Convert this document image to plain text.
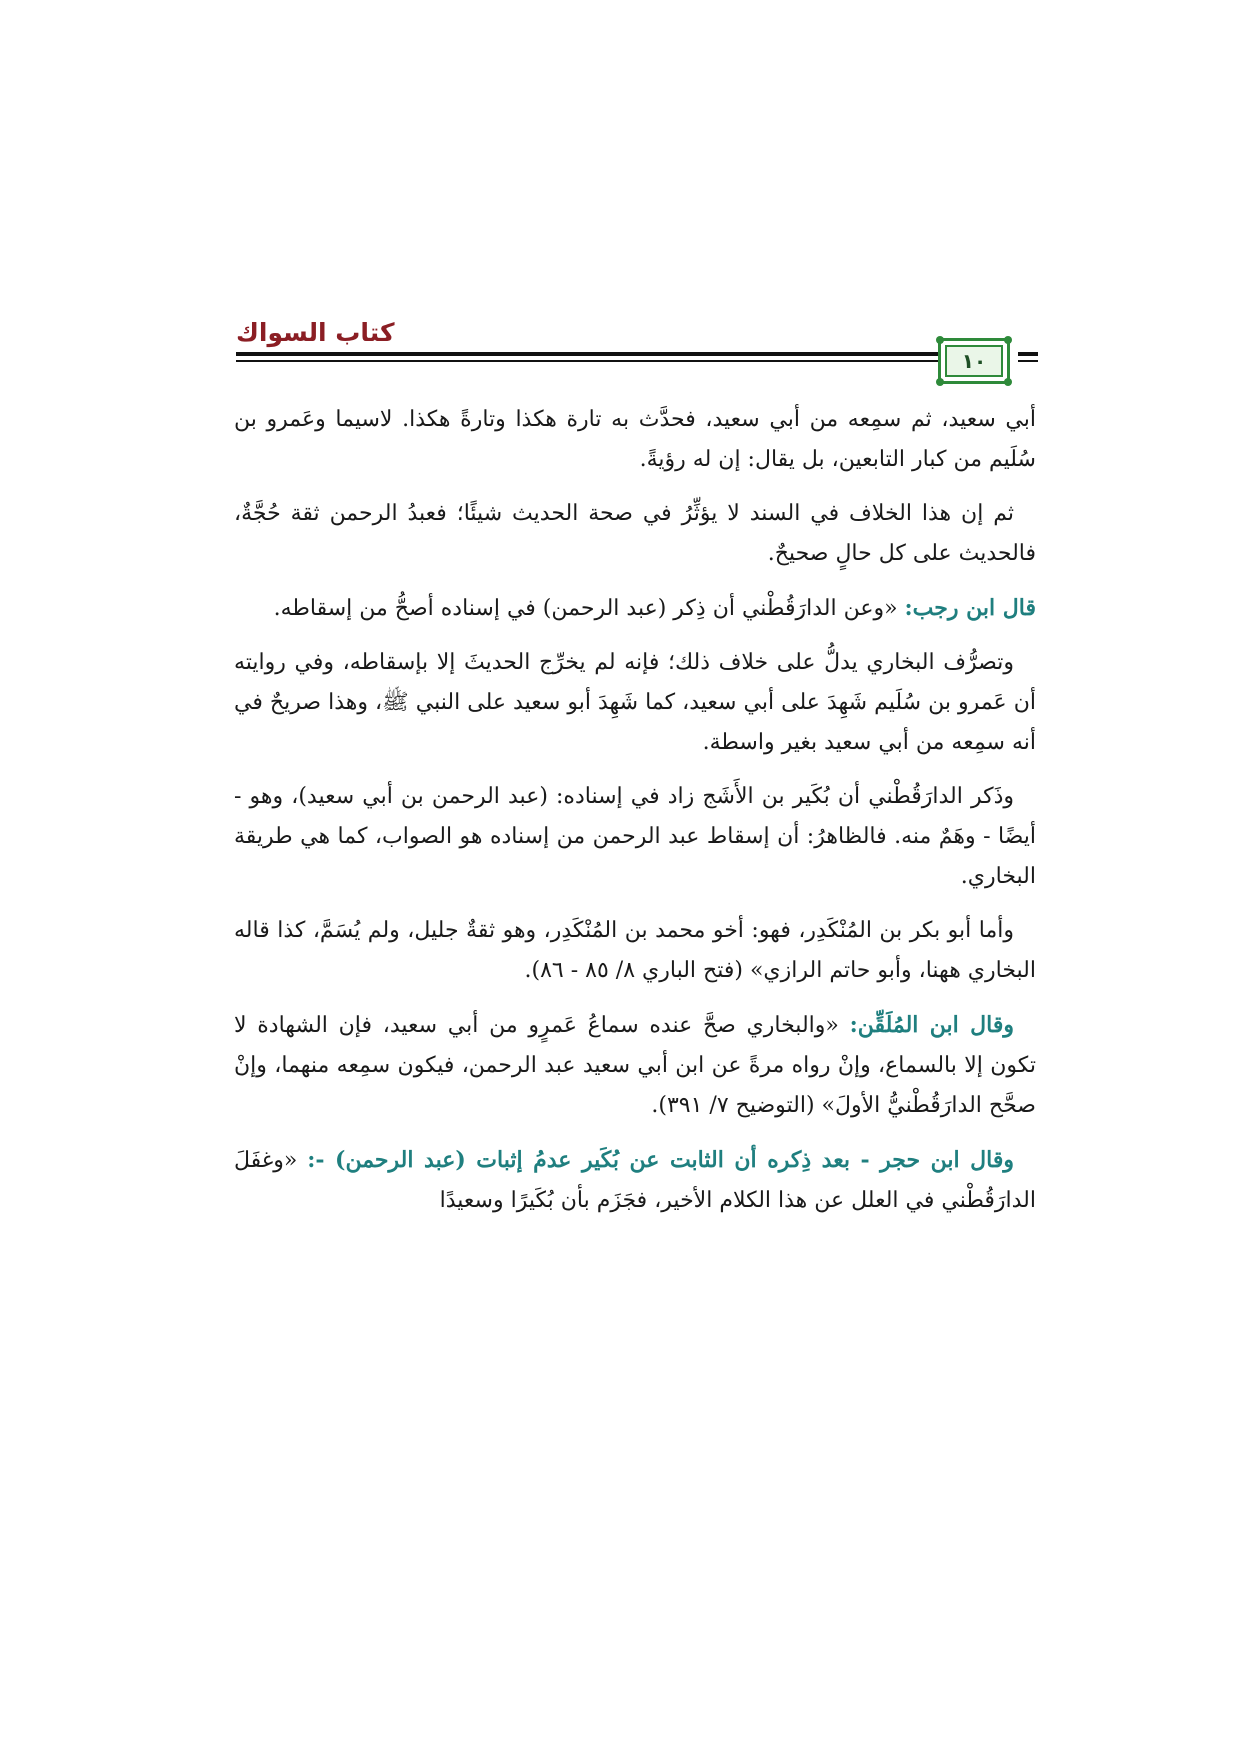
كتاب السواك
١٠

أبي سعيد، ثم سمِعه من أبي سعيد، فحدَّث به تارة هكذا وتارةً هكذا. لاسيما وعَمرو بن سُلَيم من كبار التابعين، بل يقال: إن له رؤيةً.

ثم إن هذا الخلاف في السند لا يؤثِّرُ في صحة الحديث شيئًا؛ فعبدُ الرحمن ثقة حُجَّةٌ، فالحديث على كل حالٍ صحيحٌ.

قال ابن رجب: «وعن الدارَقُطْني أن ذِكر (عبد الرحمن) في إسناده أصحُّ من إسقاطه.

وتصرُّف البخاري يدلُّ على خلاف ذلك؛ فإنه لم يخرِّج الحديثَ إلا بإسقاطه، وفي روايته أن عَمرو بن سُلَيم شَهِدَ على أبي سعيد، كما شَهِدَ أبو سعيد على النبي ﷺ، وهذا صريحٌ في أنه سمِعه من أبي سعيد بغير واسطة.

وذَكر الدارَقُطْني أن بُكَير بن الأَشَج زاد في إسناده: (عبد الرحمن بن أبي سعيد)، وهو - أيضًا - وهَمٌ منه. فالظاهرُ: أن إسقاط عبد الرحمن من إسناده هو الصواب، كما هي طريقة البخاري.

وأما أبو بكر بن المُنْكَدِر، فهو: أخو محمد بن المُنْكَدِر، وهو ثقةٌ جليل، ولم يُسَمَّ، كذا قاله البخاري ههنا، وأبو حاتم الرازي» (فتح الباري ٨/ ٨٥ - ٨٦).

وقال ابن المُلَقِّن: «والبخاري صحَّ عنده سماعُ عَمرٍو من أبي سعيد، فإن الشهادة لا تكون إلا بالسماع، وإنْ رواه مرةً عن ابن أبي سعيد عبد الرحمن، فيكون سمِعه منهما، وإنْ صحَّح الدارَقُطْنيُّ الأولَ» (التوضيح ٧/ ٣٩١).

وقال ابن حجر - بعد ذِكره أن الثابت عن بُكَير عدمُ إثبات (عبد الرحمن) -: «وغفَلَ الدارَقُطْني في العلل عن هذا الكلام الأخير، فجَزَم بأن بُكَيرًا وسعيدًا
